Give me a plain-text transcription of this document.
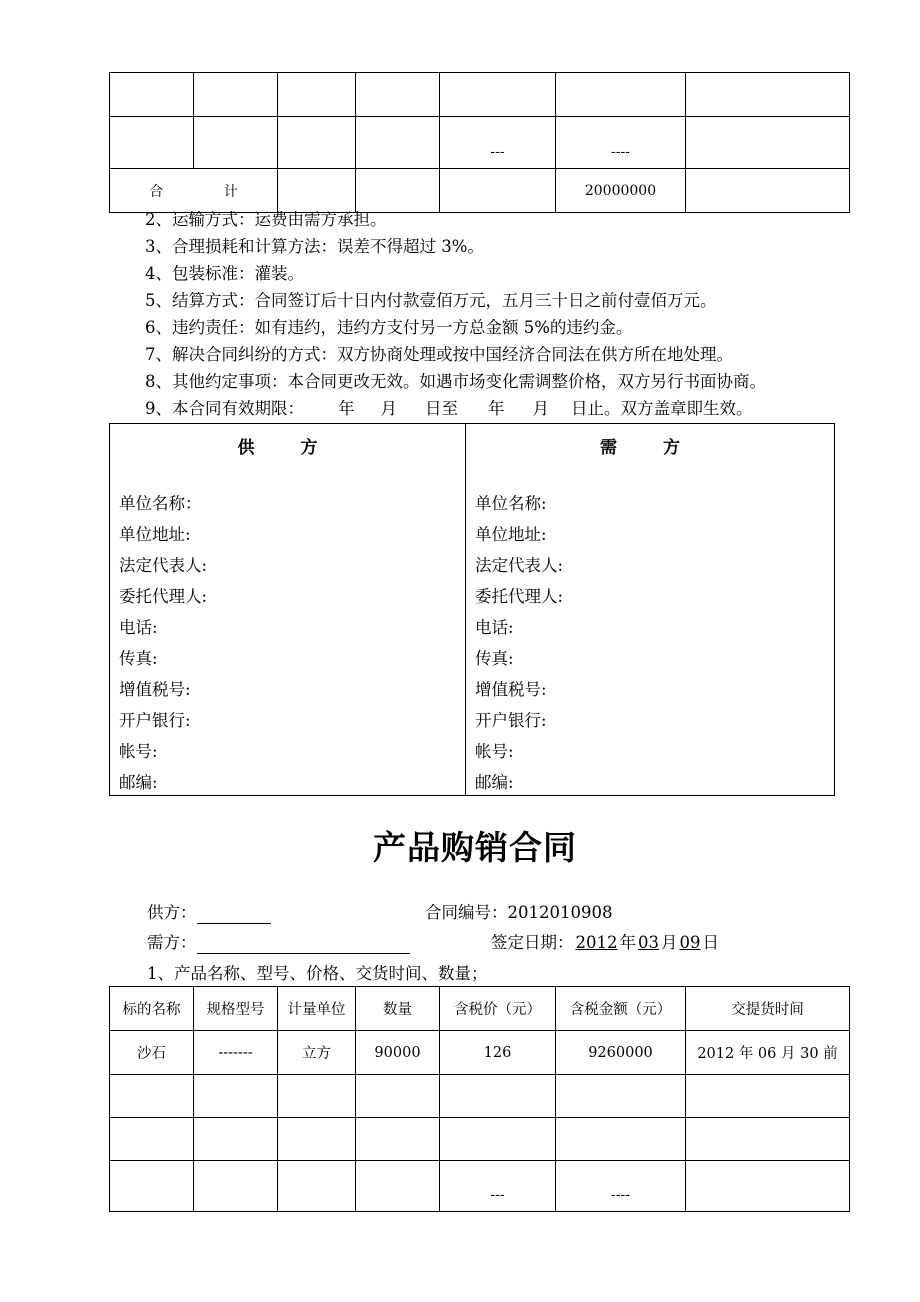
				---	----	
合 计					20000000	
2、运输方式：运费由需方承担。
3、合理损耗和计算方法：误差不得超过 3%。
4、包装标准：灌装。
5、结算方式：合同签订后十日内付款壹佰万元，五月三十日之前付壹佰万元。
6、违约责任：如有违约，违约方支付另一方总金额 5%的违约金。
7、解决合同纠纷的方式：双方协商处理或按中国经济合同法在供方所在地处理。
8、其他约定事项：本合同更改无效。如遇市场变化需调整价格，双方另行书面协商。
9、本合同有效期限： 年 月 日至 年 月 日止。双方盖章即生效。
供 方
单位名称：
单位地址:
法定代表人:
委托代理人:
电话:
传真:
增值税号:
开户银行:
帐号:
邮编:
需 方
单位名称:
单位地址:
法定代表人:
委托代理人:
电话:
传真:
增值税号:
开户银行:
帐号:
邮编:
产品购销合同
供方：	合同编号：2012010908
需方：	签定日期： 2012 年 03 月 09 日
1、产品名称、型号、价格、交货时间、数量；
标的名称	规格型号	计量单位	数量	含税价（元）	含税金额（元）	交提货时间
沙石	-------	立方	90000	126	9260000	2012 年 06 月 30 前

				---	----	
